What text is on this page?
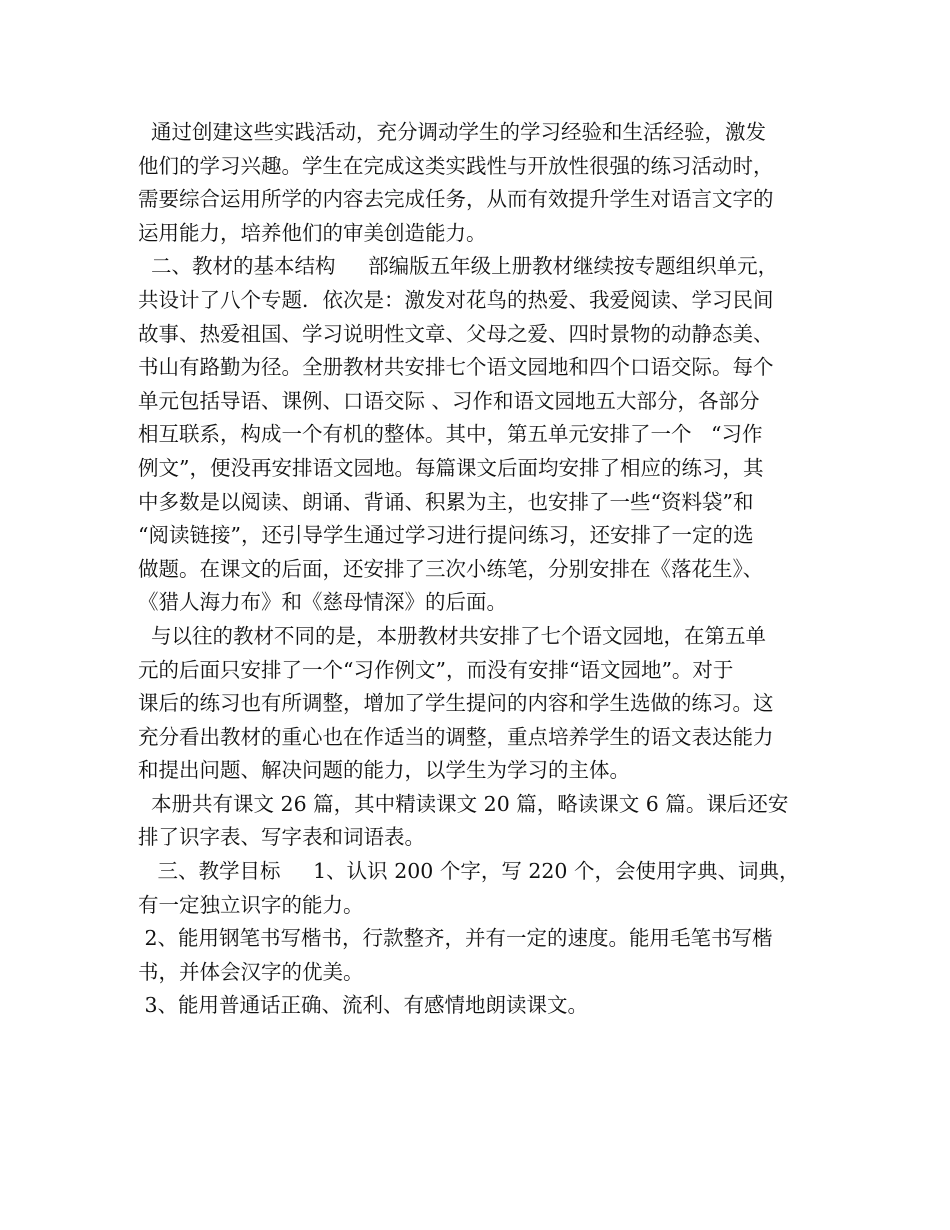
通过创建这些实践活动，充分调动学生的学习经验和生活经验，激发
他们的学习兴趣。学生在完成这类实践性与开放性很强的练习活动时，
需要综合运用所学的内容去完成任务，从而有效提升学生对语言文字的
运用能力，培养他们的审美创造能力。
二、教材的基本结构     部编版五年级上册教材继续按专题组织单元，
共设计了八个专题．依次是：激发对花鸟的热爱、我爱阅读、学习民间
故事、热爱祖国、学习说明性文章、父母之爱、四时景物的动静态美、
书山有路勤为径。全册教材共安排七个语文园地和四个口语交际。每个
单元包括导语、课例、口语交际 、习作和语文园地五大部分，各部分
相互联系，构成一个有机的整体。其中，第五单元安排了一个   “习作
例文”，便没再安排语文园地。每篇课文后面均安排了相应的练习，其
中多数是以阅读、朗诵、背诵、积累为主，也安排了一些“资料袋”和
“阅读链接”，还引导学生通过学习进行提问练习，还安排了一定的选
做题。在课文的后面，还安排了三次小练笔，分别安排在《落花生》、
《猎人海力布》和《慈母情深》的后面。
与以往的教材不同的是，本册教材共安排了七个语文园地，在第五单
元的后面只安排了一个“习作例文”，而没有安排“语文园地”。对于
课后的练习也有所调整，增加了学生提问的内容和学生选做的练习。这
充分看出教材的重心也在作适当的调整，重点培养学生的语文表达能力
和提出问题、解决问题的能力，以学生为学习的主体。
本册共有课文 26 篇，其中精读课文 20 篇，略读课文 6 篇。课后还安
排了识字表、写字表和词语表。
三、教学目标     1、认识 200 个字，写 220 个，会使用字典、词典，
有一定独立识字的能力。
2、能用钢笔书写楷书，行款整齐，并有一定的速度。能用毛笔书写楷
书，并体会汉字的优美。
3、能用普通话正确、流利、有感情地朗读课文。
